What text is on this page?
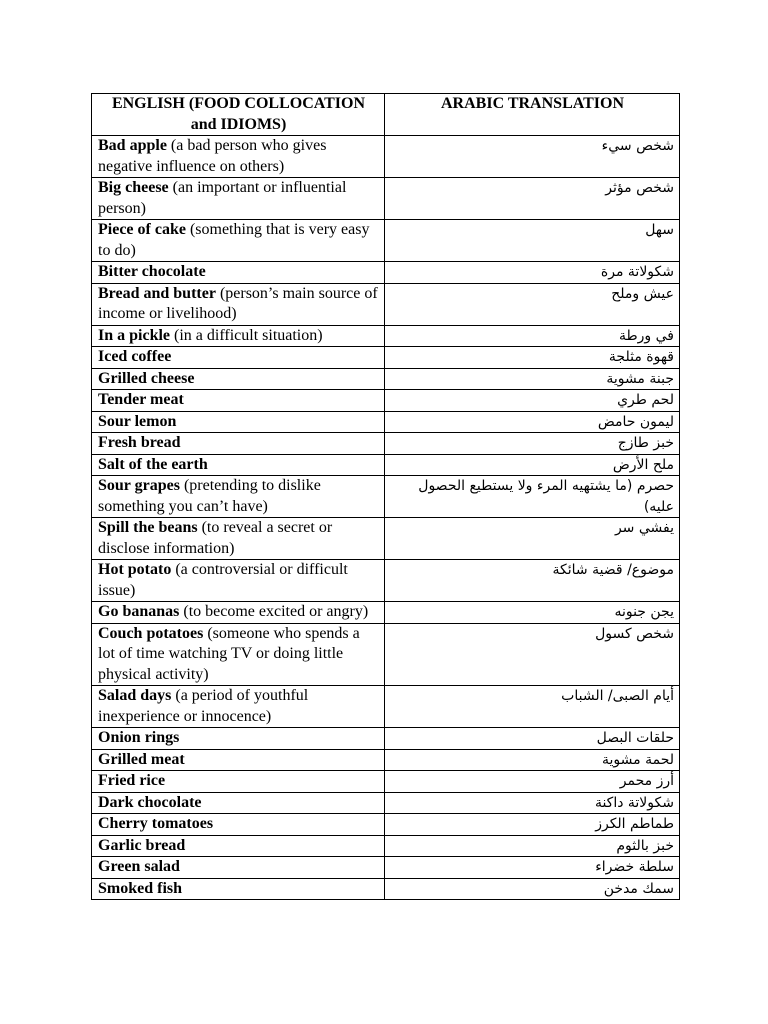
ENGLISH (FOOD COLLOCATION and IDIOMS)	ARABIC TRANSLATION
Bad apple (a bad person who gives negative influence on others)	شخص سيء
Big cheese (an important or influential person)	شخص مؤثر
Piece of cake (something that is very easy to do)	سهل
Bitter chocolate	شكولاتة مرة
Bread and butter (person’s main source of income or livelihood)	عيش وملح
In a pickle (in a difficult situation)	في ورطة
Iced coffee	قهوة مثلجة
Grilled cheese	جبنة مشوية
Tender meat	لحم طري
Sour lemon	ليمون حامض
Fresh bread	خبز طازج
Salt of the earth	ملح الأرض
Sour grapes (pretending to dislike something you can’t have)	حصرم (ما يشتهيه المرء ولا يستطيع الحصول عليه)
Spill the beans (to reveal a secret or disclose information)	يفشي سر
Hot potato (a controversial or difficult issue)	موضوع/ قضية شائكة
Go bananas (to become excited or angry)	يجن جنونه
Couch potatoes (someone who spends a lot of time watching TV or doing little physical activity)	شخص كسول
Salad days (a period of youthful inexperience or innocence)	أيام الصبى/ الشباب
Onion rings	حلقات البصل
Grilled meat	لحمة مشوية
Fried rice	أرز محمر
Dark chocolate	شكولاتة داكنة
Cherry tomatoes	طماطم الكرز
Garlic bread	خبز بالثوم
Green salad	سلطة خضراء
Smoked fish	سمك مدخن
